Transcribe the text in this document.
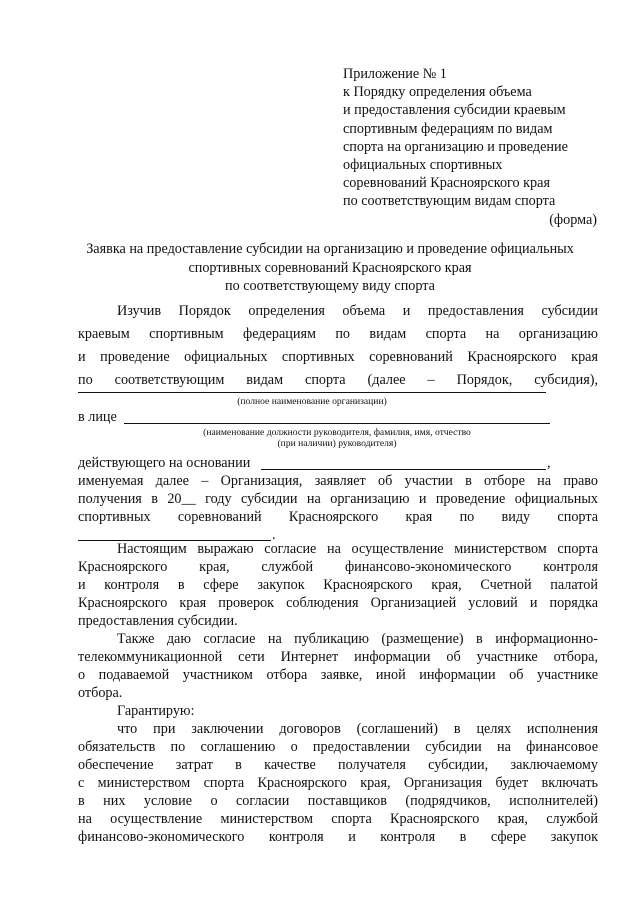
Приложение № 1
к Порядку определения объема
и предоставления субсидии краевым
спортивным федерациям по видам
спорта на организацию и проведение
официальных спортивных
соревнований Красноярского края
по соответствующим видам спорта
(форма)
Заявка на предоставление субсидии на организацию и проведение официальных
спортивных соревнований Красноярского края
по соответствующему виду спорта
Изучив Порядок определения объема и предоставления субсидии
краевым спортивным федерациям по видам спорта на организацию
и проведение официальных спортивных соревнований Красноярского края
по соответствующим видам спорта (далее – Порядок, субсидия),
(полное наименование организации)
в лице
(наименование должности руководителя, фамилия, имя, отчество
(при наличии) руководителя)
действующего на основании	,
именуемая далее – Организация, заявляет об участии в отборе на право
получения в 20__ году субсидии на организацию и проведение официальных
спортивных соревнований Красноярского края по виду спорта
.
Настоящим выражаю согласие на осуществление министерством спорта
Красноярского края, службой финансово-экономического контроля
и контроля в сфере закупок Красноярского края, Счетной палатой
Красноярского края проверок соблюдения Организацией условий и порядка
предоставления субсидии.
Также даю согласие на публикацию (размещение) в информационно-
телекоммуникационной сети Интернет информации об участнике отбора,
о подаваемой участником отбора заявке, иной информации об участнике
отбора.
Гарантирую:
что при заключении договоров (соглашений) в целях исполнения
обязательств по соглашению о предоставлении субсидии на финансовое
обеспечение затрат в качестве получателя субсидии, заключаемому
с министерством спорта Красноярского края, Организация будет включать
в них условие о согласии поставщиков (подрядчиков, исполнителей)
на осуществление министерством спорта Красноярского края, службой
финансово-экономического контроля и контроля в сфере закупок
